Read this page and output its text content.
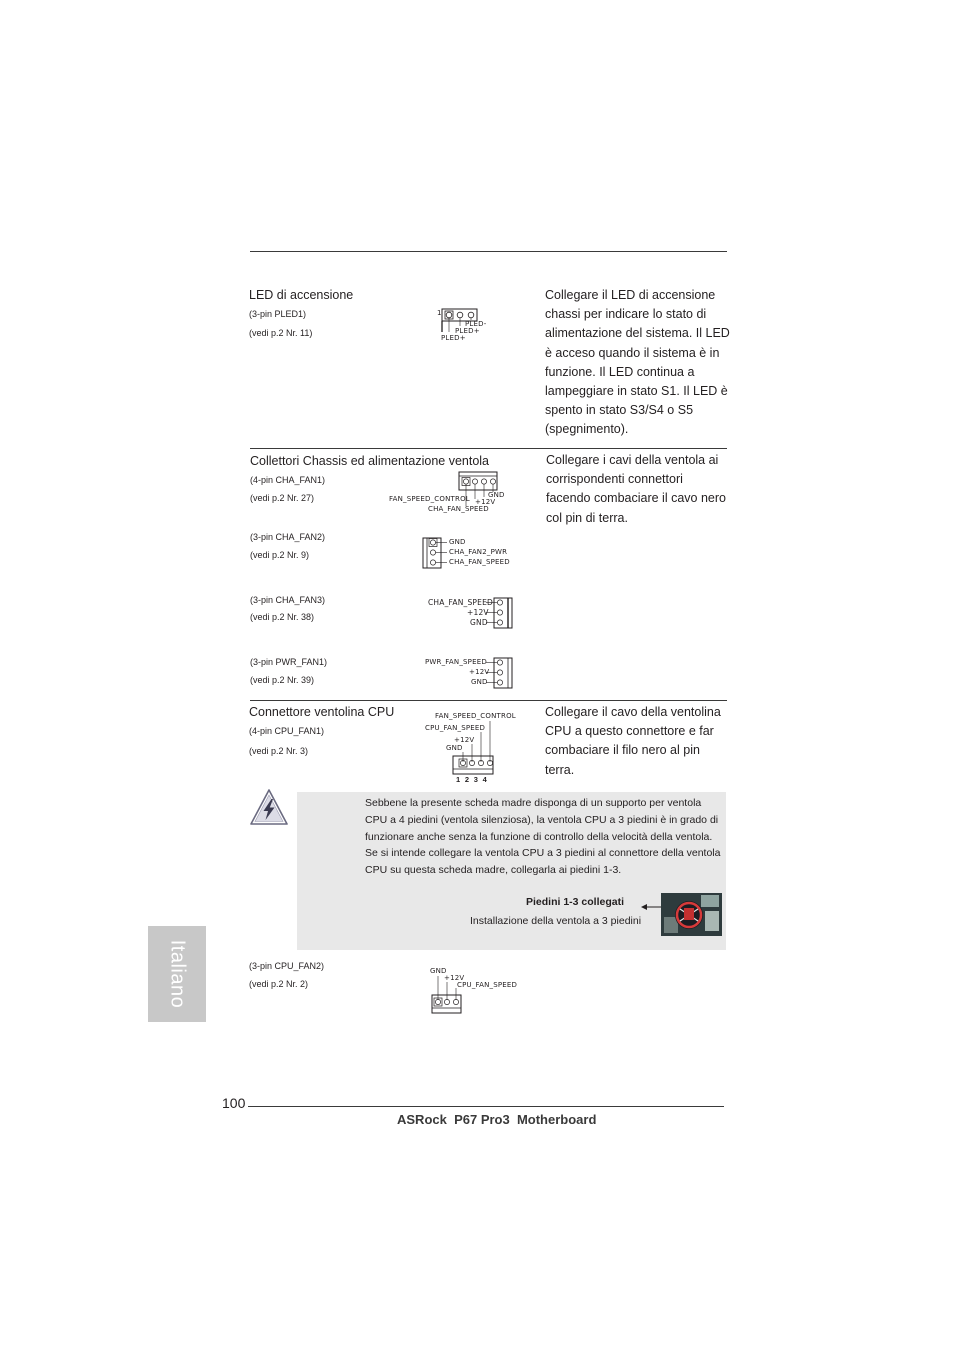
LED di accensione
(3-pin PLED1)
(vedi p.2 Nr. 11)
1
PLED-
PLED+
PLED+
Collegare il LED di accensione chassi per indicare lo stato di alimentazione del sistema. Il LED è acceso quando il sistema è in funzione. Il LED continua a lampeggiare in stato S1. Il LED è spento in stato S3/S4 o S5 (spegnimento).
Collettori Chassis ed alimentazione ventola	Collegare i cavi della ventola ai corrispondenti connettori facendo combaciare il cavo nero col pin di terra.
(4-pin CHA_FAN1)
(vedi p.2 Nr. 27)	GND
+12V
FAN_SPEED_CONTROL
CHA_FAN_SPEED
(3-pin CHA_FAN2)
(vedi p.2 Nr. 9)
GND
CHA_FAN2_PWR
CHA_FAN_SPEED
(3-pin CHA_FAN3)
(vedi p.2 Nr. 38)
CHA_FAN_SPEED
+12V
GND
(3-pin PWR_FAN1)
(vedi p.2 Nr. 39)
PWR_FAN_SPEED
+12V
GND
Connettore ventolina CPU
(4-pin CPU_FAN1)
(vedi p.2 Nr. 3)
FAN_SPEED_CONTROL
CPU_FAN_SPEED
+12V
GND
1 2 3 4
Collegare il cavo della ventolina CPU a questo connettore e far combaciare il filo nero al pin terra.
Sebbene la presente scheda madre disponga di un supporto per ventola CPU a 4 piedini (ventola silenziosa), la ventola CPU a 3 piedini è in grado di funzionare anche senza la funzione di controllo della velocità della ventola. Se si intende collegare la ventola CPU a 3 piedini al connettore della ventola CPU su questa scheda madre, collegarla ai piedini 1-3.
Piedini 1-3 collegati
Installazione della ventola a 3 piedini
(3-pin CPU_FAN2)
(vedi p.2 Nr. 2)
GND
+12V
CPU_FAN_SPEED
Italiano
100
ASRock  P67 Pro3  Motherboard
